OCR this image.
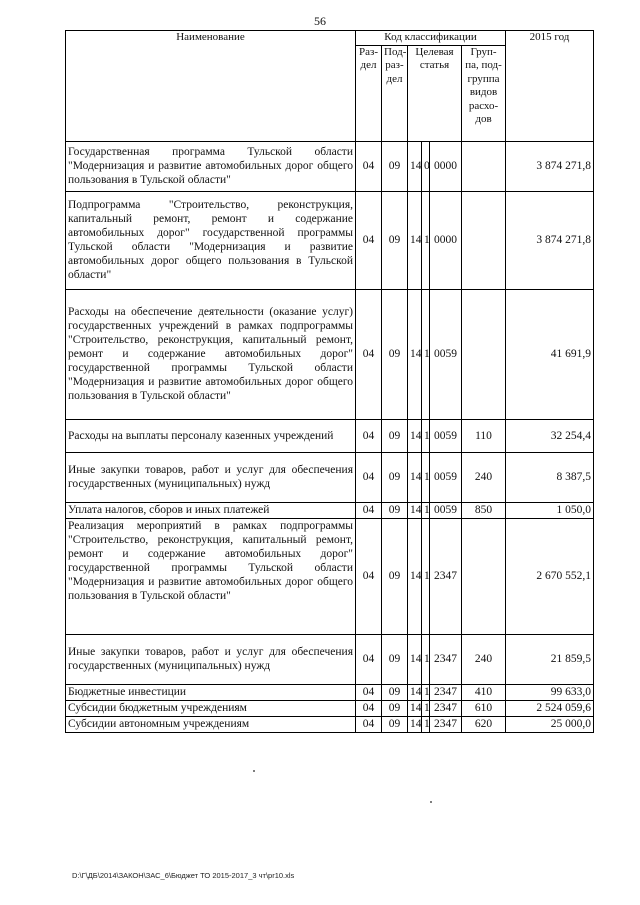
56
Наименование	Код классификации						2015 год
	Раз-дел	Под-раз-дел	Целевая статья			Груп-па, под-группа видов расхо-дов	
Государственная программа Тульской области "Модернизация и развитие автомобильных дорог общего пользования в Тульской области"	04	09	14	0	0000		3 874 271,8
Подпрограмма "Строительство, реконструкция, капитальный ремонт, ремонт и содержание автомобильных дорог" государственной программы Тульской области "Модернизация и развитие автомобильных дорог общего пользования в Тульской области"	04	09	14	1	0000		3 874 271,8
Расходы на обеспечение деятельности (оказание услуг) государственных учреждений в рамках подпрограммы "Строительство, реконструкция, капитальный ремонт, ремонт и содержание автомобильных дорог" государственной программы Тульской области "Модернизация и развитие автомобильных дорог общего пользования в Тульской области"	04	09	14	1	0059		41 691,9
Расходы на выплаты персоналу казенных учреждений	04	09	14	1	0059	110	32 254,4
Иные закупки товаров, работ и услуг для обеспечения государственных (муниципальных) нужд	04	09	14	1	0059	240	8 387,5
Уплата налогов, сборов и иных платежей	04	09	14	1	0059	850	1 050,0
Реализация мероприятий в рамках подпрограммы "Строительство, реконструкция, капитальный ремонт, ремонт и содержание автомобильных дорог" государственной программы Тульской области "Модернизация и развитие автомобильных дорог общего пользования в Тульской области"	04	09	14	1	2347		2 670 552,1
Иные закупки товаров, работ и услуг для обеспечения государственных (муниципальных) нужд	04	09	14	1	2347	240	21 859,5
Бюджетные инвестиции	04	09	14	1	2347	410	99 633,0
Субсидии бюджетным учреждениям	04	09	14	1	2347	610	2 524 059,6
Субсидии автономным учреждениям	04	09	14	1	2347	620	25 000,0
D:\Г\ДБ\2014\ЗАКОН\ЗАС_6\Бюджет ТО 2015-2017_3 чт\pr10.xls
